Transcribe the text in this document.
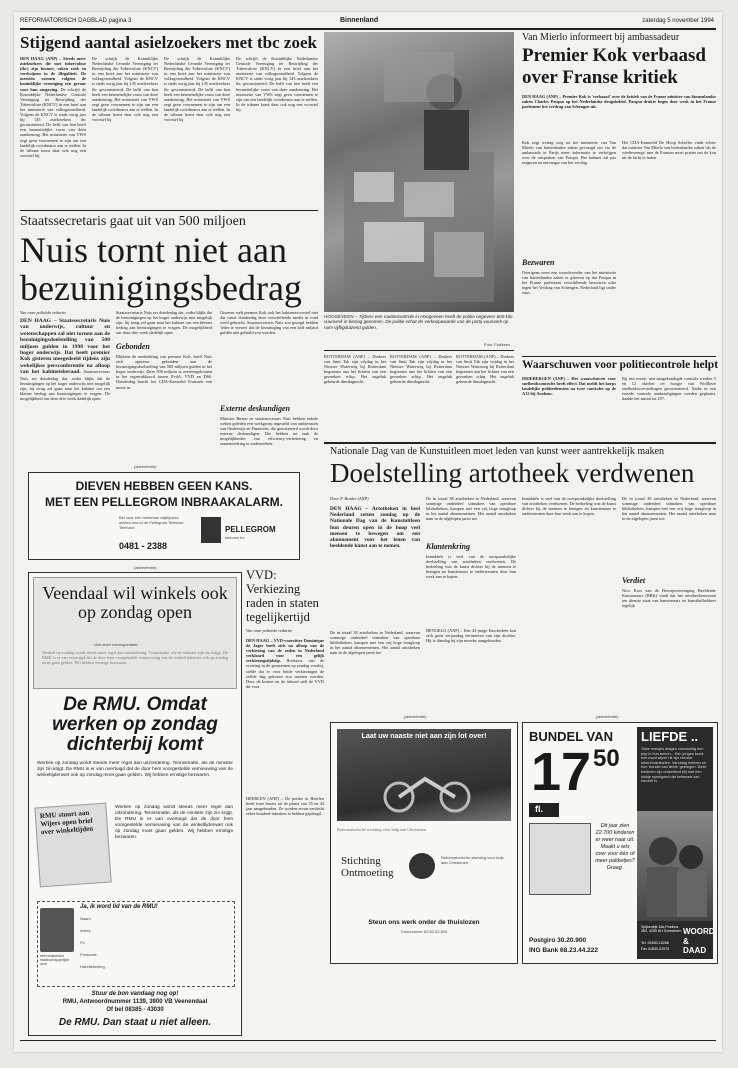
REFORMATORISCH DAGBLAD pagina 3	Binnenland	zaterdag 5 november 1994
Stijgend aantal asielzoekers met tbc zoek
DEN HAAG (ANP) – Steeds meer asielzoekers die met tuberculose (tbc) zijn besmet, raken zoek en verdwijnen in de illegaliteit. De meesten vormen volgens de koninklijke vereniging een gevaar voor hun omgeving. De schrijft de Koninklijke Nederlandse Centrale Vereniging ter Bestrijding der Tuberculose (KNCV) in een brief aan het ministerie van volksgezondheid. Volgens de KNCV is sinds vorig jaar bij 145 asielzoekers tbc geconstateerd. De helft van hen heeft een besmettelijke vorm van deze aandoening. Het ministerie van VWS zegt geen voornemen te zijn om een landelijk coördinator aan te stellen. In de tribune komt daar ook nog een voorstel bij.
De schrijft de Koninklijke Nederlandse Centrale Vereniging ter Bestrijding der Tuberculose (KNCV) in een brief aan het ministerie van volksgezondheid. Volgens de KNCV is sinds vorig jaar bij 145 asielzoekers tbc geconstateerd. De helft van hen heeft een besmettelijke vorm van deze aandoening. Het ministerie van VWS zegt geen voornemen te zijn om een landelijk coördinator aan te stellen. In de tribune komt daar ook nog een voorstel bij.
De schrijft de Koninklijke Nederlandse Centrale Vereniging ter Bestrijding der Tuberculose (KNCV) in een brief aan het ministerie van volksgezondheid. Volgens de KNCV is sinds vorig jaar bij 145 asielzoekers tbc geconstateerd. De helft van hen heeft een besmettelijke vorm van deze aandoening. Het ministerie van VWS zegt geen voornemen te zijn om een landelijk coördinator aan te stellen. In de tribune komt daar ook nog een voorstel bij.
De schrijft de Koninklijke Nederlandse Centrale Vereniging ter Bestrijding der Tuberculose (KNCV) in een brief aan het ministerie van volksgezondheid. Volgens de KNCV is sinds vorig jaar bij 145 asielzoekers tbc geconstateerd. De helft van hen heeft een besmettelijke vorm van deze aandoening. Het ministerie van VWS zegt geen voornemen te zijn om een landelijk coördinator aan te stellen. In de tribune komt daar ook nog een voorstel bij.
Staatssecretaris gaat uit van 500 miljoen
Nuis tornt niet aan
bezuinigingsbedrag
Van onze politieke redactie
DEN HAAG – Staatssecretaris Nuis van onderwijs, cultuur en wetenschappen zal niet tornen aan de bezuinigingsdoelstelling van 500 miljoen gulden in 1998 voor het hoger onderwijs. Dat heeft premier Kok gisteren meegedeeld tijdens zijn wekelijkse persconferentie na afloop van het kabinetsberaad. Staatssecretaris Nuis zei donderdag dat, zodra blijkt dat de bezuinigingen op het hoger onderwijs niet mogelijk zijn, hij terug zal gaan naar het kabinet om een kleiner bedrag aan bezuinigingen te vragen. De mogelijkheid om deze drie week dadelijk open.
Staatssecretaris Nuis zei donderdag dat, zodra blijkt dat de bezuinigingen op het hoger onderwijs niet mogelijk zijn, hij terug zal gaan naar het kabinet om een kleiner bedrag aan bezuinigingen te vragen. De mogelijkheid om deze drie week dadelijk open.
Gebonden
Blijkens de mededeling van premier Kok, heeft Nuis zich opnieuw gebonden aan de bezuinigingsdoelstelling van 500 miljoen gulden in het hoger onderwijs. Deze 500 miljoen is overeengekomen in het regeerakkoord tussen PvdA, VVD en D66. Donderdag bracht het CDA-Kamerlid Franssen een motie in.
Gisteren stelt premier Kok ook het kabinetsvoorstel niet dat vanaf donderdag door verschillende media in rond werd gebracht. Staatssecretaris Nuis zou gezegd hebben 'ieder te vrezen' dat de bezuiniging van een half miljard gulden niet gehaald zou worden.
Externe deskundigen
Minister Ritzen en staatssecretaris Nuis hebben enkele weken geleden een werkgroep ingesteld van ambtenaren van Onderwijs en Financiën, die geassisteerd wordt door externe deskundigen. Die hebben tot taak de mogelijkheden van efficiency-verbetering en samenwerking te onderzoeken.
HOOGEVEEN – Tijdens een routinecontrole in Hoogeveen heeft de politie ongeveer 600 kilo vuurwerk in beslag genomen. De politie schat de verkoopwaarde van de partij vuurwerk op ruim vijftigduizend gulden.
Foto: Flakkees
ROTTERDAM (ANP) – Duikers van Smit Tak zijn vrijdag in het Nieuwe Waterweg bij Rotterdam begonnen aan het lichten van een gezonken schip. Het ongeluk gebeurde dinsdagnacht.
ROTTERDAM (ANP) – Duikers van Smit Tak zijn vrijdag in het Nieuwe Waterweg bij Rotterdam begonnen aan het lichten van een gezonken schip. Het ongeluk gebeurde dinsdagnacht.
ROTTERDAM (ANP) – Duikers van Smit Tak zijn vrijdag in het Nieuwe Waterweg bij Rotterdam begonnen aan het lichten van een gezonken schip. Het ongeluk gebeurde dinsdagnacht.
Van Mierlo informeert bij ambassadeur
Premier Kok verbaasd
over Franse kritiek
DEN HAAG (ANP) – Premier Kok is 'verbaasd' over de kritiek van de Franse minister van binnenlandse zaken Charles Pasqua op het Nederlandse drugsbeleid. Pasqua drukte begin deze week in het Franse parlement het verdrag van Schengen uit.
Kok zegt weinig weg tot het ministerie van Van Mierlo van buitenlandse zaken gevraagd om via de ambassade in Parijs meer informatie te verkrijgen over de uitspraken van Pasqua. Het kabinet zal pas reageren na ontvangst van het verslag.
Bezwaren
Overigens wees een woordvoerder van het ministerie van buitenlandse zaken er gisteren op dat Pasqua in het Franse parlement verschillende bezwaren uitte tegen het Verdrag van Schengen. Nederland ligt onder vuur.
Het CDA-Kamerlid De Hoop Scheffer vindt echter dat minister Van Mierlo van buitenlandse zaken 'als de wiedeweerga' met de Fransen moet praten om de kou uit de lucht te halen.
Waarschuwen voor politiecontrole helpt
DRIEBERGEN (ANP) – Het waarschuwen voor snelheidscontroles heeft effect. Dat meldt het korps landelijke politiediensten na twee controles op de A12 bij Arnhem.
Bij een eerste, niet-aangekondigde controle werden 5 en 12 oktober ter hoogte van Wolfheze snelheidsovertredingen geconstateerd. Nadat in een tweede controle aankondigingen werden geplaatst, daalde het aantal tot 297.
(advertentie)
DIEVEN HEBBEN GEEN KANS.
MET EEN PELLEGROM INBRAAKALARM.
Bel voor een helemaal vrijblijvend advies ons of de Pellegrom Telecom, Telefoon:
0481 - 2388
PELLEGROM
telecom bv
(advertentie)
Veendaal wil winkels ook op zondag open
Van onze correspondent
Werken op zondag wordt steeds meer regel dan uitzondering. Tennismatte, als de minister zijn zin krijgt. De RMU is er van overtuigd dat de door hem voorgestelde vernieuwing van de winkeltijdenwet ook op zondag moet gaan gelden. Wij hebben ernstige bezwaren.
De RMU. Omdat
werken op zondag
dichterbij komt
Werken op zondag wordt steeds meer regel dan uitzondering. Tennismatte, als de minister zijn zin krijgt. De RMU is er van overtuigd dat de door hem voorgestelde vernieuwing van de winkeltijdenwet ook op zondag moet gaan gelden. Wij hebben ernstige bezwaren.
RMU stuurt aan Wijers open brief over winkeltijden
Werken op zondag wordt steeds meer regel dan uitzondering. Tennismatte, als de minister zijn zin krijgt. De RMU is er van overtuigd dat de door hem voorgestelde vernieuwing van de winkeltijdenwet ook op zondag moet gaan gelden. Wij hebben ernstige bezwaren.
reformatorisch maatschappelijke unie
Ja, ik word lid van de RMU!
Naam
Adres
Pc.
Postcode
Handtekening
Stuur de bon vandaag nog op!
RMU, Antwoordnummer 1139, 3900 VB Veenendaal
Of bel 08385 - 43030
De RMU. Dan staat u niet alleen.
VVD: Verkiezing raden in staten tegelijkertijd
Van onze politieke redactie
DEN HAAG – VVD-voorzitter Dominique de Jager heeft zich na afloop van de verkiezing van de raden in Nederland verklaard voor een gelijk verkiezingstijdstip. Hoekstra, van de ervaring in de gemeenten op zondag voorbij, stelde dat er voor beide verkiezingen de zelfde dag gekozen zou moeten worden. Door de kosten en de inhoud stelt de VVD dit voor.
HEERLEN (ANP) – De politie in Heerlen heeft twee broers uit de plaats van 35 en 43 jaar aangehouden. Ze worden ervan verdacht zeker honderd inbraken te hebben gepleegd.
Nationale Dag van de Kunstuitleen moet leden van kunst weer aantrekkelijk maken
Doelstelling artotheek verdwenen
Door P. Bruder (ANP)
DEN HAAG – Artotheken in heel Nederland zetten zondag op de Nationale Dag van de Kunstuitleen hun deuren open in de hoop veel mensen te bewegen om een abonnement voor het lenen van beeldende kunst aan te nemen.
De in totaal 38 artotheken in Nederland, waarvan sommige onderdeel uitmaken van openbare bibliotheken, kampen met een vrij hoge terugloop in het aantal abonnementen. Het aantal artotheken nam in de afgelopen jaren toe.
De in totaal 38 artotheken in Nederland, waarvan sommige onderdeel uitmaken van openbare bibliotheken, kampen met een vrij hoge terugloop in het aantal abonnementen. Het aantal artotheken nam in de afgelopen jaren toe.
Klantenkring
Inmiddels is veel van de oorspronkelijke doelstelling van artotheken verdwenen. De bedoeling was de kunst dichter bij de mensen te brengen en kunstenaars te ondersteunen door hun werk aan te kopen.
Inmiddels is veel van de oorspronkelijke doelstelling van artotheken verdwenen. De bedoeling was de kunst dichter bij de mensen te brengen en kunstenaars te ondersteunen door hun werk aan te kopen.
De in totaal 38 artotheken in Nederland, waarvan sommige onderdeel uitmaken van openbare bibliotheken, kampen met een vrij hoge terugloop in het aantal abonnementen. Het aantal artotheken nam in de afgelopen jaren toe.
Verdiet
Nico Kors van de Beroepsvereniging Beeldende Kunstenaars (BBK) vindt dat het artotheekenwezen ten dienste staat van kunstenaars en kunstliefhebbers tegelijk.
HENGELO (ANP) – Een 43-jarige Enschedeër kan zich geen verjaardag herinneren van zijn dochter. Hij is dinsdag bij zijn moeder aangehouden.
(advertentie)
Laat uw naaste niet aan zijn lot over!
Reformatorische stichting voor hulp aan Christenen
Stichting Ontmoeting
Reformatorische stichting voor hulp aan Christenen
Steun ons werk onder de thuislozen
Gironummer 62.62.62.626
(advertentie)
BUNDEL VAN
17 50
fl.
Dit jaar zien 22.700 kinderen er weer naar uit. Maakt u iets over voor één of meer pakketjes? Graag.
Postgiro 30.20.900
ING Bank 68.23.44.222
LIEFDE ..
Twee meisjes dragen voorzichtig een pop in hun armen... Een jongen toont een mooi wijzer uit zijn nieuwe rekenhuisrituelen. Vandaag hebben ze hun 'bundel van liefde' gekregen. Deze kinderen zijn ontzettend blij met een stukje speelgoed dat helemaal van henzelf is.
Spijkerdijk 18a Postbus 360, 4200 AH Gorinchem
Tel. 01830-16288
Fax 01830-22975
WOORD
& DAAD
